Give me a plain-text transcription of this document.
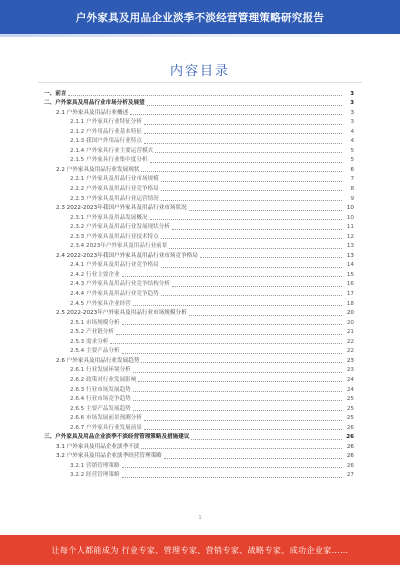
户外家具及用品企业淡季不淡经营管理策略研究报告
内容目录
一、前言	3
二、户外家具及用品行业市场分析及展望	3
2.1 户外家具及用品行业概述	3
2.1.1 户外家具行业特征分析	3
2.1.2 户外用品行业基本特征	4
2.1.3 我国户外用品行业特点	4
2.1.4 户外家具行业主要运营模式	5
2.1.5 户外家具行业集中度分析	5
2.2 户外家具及用品行业发展现状	6
2.2.1 户外家具及用品行业市场规模	7
2.2.2 户外家具及用品行业竞争格局	8
2.2.3 户外家具及用品行业运营情况	9
2.3 2022-2023年我国户外家具及用品行业市场状况	10
2.3.1 户外家具及用品发展概况	10
2.3.2 户外家具及用品行业发展现状分析	11
2.3.3 户外家具及用品行业技术特点	12
2.3.4 2023年户外家具及用品行业前景	13
2.4 2022-2023年我国户外家具及用品行业市场竞争格局	13
2.4.1 户外家具及用品行业竞争格局	14
2.4.2 行业主要企业	15
2.4.3 户外家具及用品行业竞争结构分析	16
2.4.4 户外家具及用品行业竞争趋势	17
2.4.5 户外家具企业经营	18
2.5 2022-2023年户外家具及用品行业市场规模分析	20
2.5.1 市场规模分析	20
2.5.2 产业链分析	21
2.5.3 需求分析	22
2.5.4 主要产品分析	22
2.6 户外家具及用品行业发展趋势	23
2.6.1 行业发展环境分析	23
2.6.2 政策对行业发展影响	24
2.6.3 行业市场发展趋势	24
2.6.4 行业市场竞争趋势	25
2.6.5 主要产品发展趋势	25
2.6.6 市场发展前景预测分析	25
2.6.7 户外家具行业发展前景	26
三、户外家具及用品企业淡季不淡经营管理策略及措施建议	26
3.1 户外家具及用品企业淡季不淡	26
3.2 户外家具及用品企业淡季经营管理策略	26
3.2.1 营销管理策略	26
3.2.2 经营管理策略	27
1
让每个人都能成为 行业专家、管理专家、营销专家、战略专家、成功企业家……
